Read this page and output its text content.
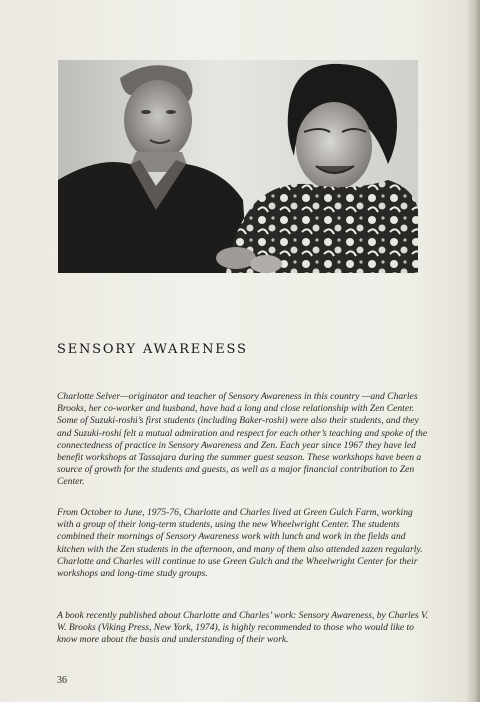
SENSORY AWARENESS

Charlotte Selver—originator and teacher of Sensory Awareness in this country —and Charles Brooks, her co-worker and husband, have had a long and close relationship with Zen Center. Some of Suzuki-roshi’s first students (including Baker-roshi) were also their students, and they and Suzuki-roshi felt a mutual admiration and respect for each other’s teaching and spoke of the connectedness of practice in Sensory Awareness and Zen. Each year since 1967 they have led benefit workshops at Tassajara during the summer guest season. These workshops have been a source of growth for the students and guests, as well as a major financial contribution to Zen Center.

From October to June, 1975-76, Charlotte and Charles lived at Green Gulch Farm, working with a group of their long-term students, using the new Wheelwright Center. The students combined their mornings of Sensory Awareness work with lunch and work in the fields and kitchen with the Zen students in the afternoon, and many of them also attended zazen regularly. Charlotte and Charles will continue to use Green Gulch and the Wheelwright Center for their workshops and long-time study groups.

A book recently published about Charlotte and Charles’ work: Sensory Awareness, by Charles V. W. Brooks (Viking Press, New York, 1974), is highly recommended to those who would like to know more about the basis and understanding of their work.

36
